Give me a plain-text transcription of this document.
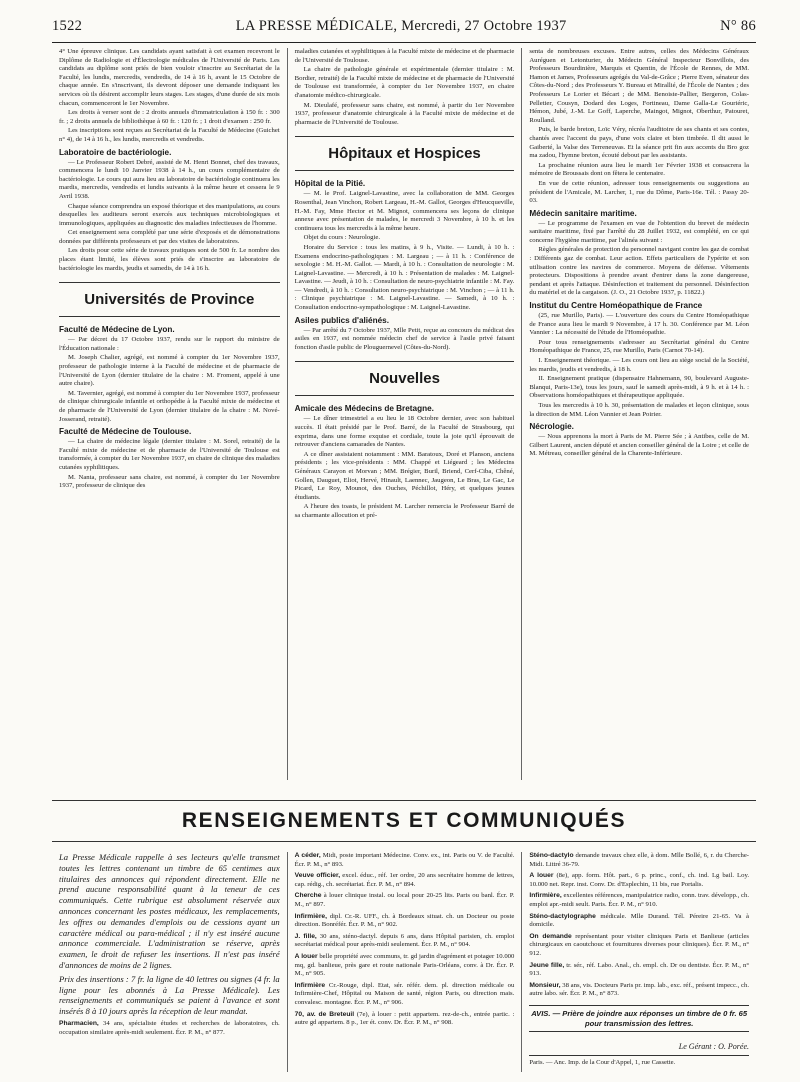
1522	LA PRESSE MÉDICALE, Mercredi, 27 Octobre 1937	N° 86

4° Une épreuve clinique. Les candidats ayant satisfait à cet examen recevront le Diplôme de Radiologie et d'Électrologie médicales de l'Université de Paris. Les candidats au diplôme sont priés de bien vouloir s'inscrire au Secrétariat de la Faculté, les lundis, mercredis, vendredis, de 14 à 16 h, avant le 15 Octobre de chaque année. En s'inscrivant, ils devront déposer une demande indiquant les services où ils désirent accomplir leurs stages. Les stages, d'une durée de six mois chacun, commenceront le 1er Novembre.

Les droits à verser sont de : 2 droits annuels d'immatriculation à 150 fr. : 300 fr. ; 2 droits annuels de bibliothèque à 60 fr. : 120 fr. ; 1 droit d'examen : 250 fr.

Les inscriptions sont reçues au Secrétariat de la Faculté de Médecine (Guichet n° 4), de 14 à 16 h., les lundis, mercredis et vendredis.

Laboratoire de bactériologie.

— Le Professeur Robert Debré, assisté de M. Henri Bonnet, chef des travaux, commencera le lundi 10 Janvier 1938 à 14 h., un cours complémentaire de bactériologie. Le cours qui aura lieu au laboratoire de bactériologie continuera les mardis, mercredis, vendredis et lundis suivants à la même heure et cessera le 9 Avril 1938.

Chaque séance comprendra un exposé théorique et des manipulations, au cours desquelles les auditeurs seront exercés aux techniques microbiologiques et immunologiques, appliquées au diagnostic des maladies infectieuses de l'homme.

Cet enseignement sera complété par une série d'exposés et de démonstrations données par différents professeurs et par des visites de laboratoires.

Les droits pour cette série de travaux pratiques sont de 500 fr. Le nombre des places étant limité, les élèves sont priés de s'inscrire au laboratoire de bactériologie les mardis, jeudis et samedis, de 14 à 16 h.

Universités de Province
Faculté de Médecine de Lyon.

— Par décret du 17 Octobre 1937, rendu sur le rapport du ministre de l'Éducation nationale :

M. Joseph Chalier, agrégé, est nommé à compter du 1er Novembre 1937, professeur de pathologie interne à la Faculté de médecine et de pharmacie de l'Université de Lyon (dernier titulaire de la chaire : M. Froment, appelé à une autre chaire).

M. Tavernier, agrégé, est nommé à compter du 1er Novembre 1937, professeur de clinique chirurgicale infantile et orthopédie à la Faculté mixte de médecine et de pharmacie de l'Université de Lyon (dernier titulaire de la chaire : M. Nové-Josserand, retraité).

Faculté de Médecine de Toulouse.

— La chaire de médecine légale (dernier titulaire : M. Sorel, retraité) de la Faculté mixte de médecine et de pharmacie de l'Université de Toulouse est transformée, à compter du 1er Novembre 1937, en chaire de clinique des maladies cutanées syphilitiques.

M. Nanta, professeur sans chaire, est nommé, à compter du 1er Novembre 1937, professeur de clinique des

maladies cutanées et syphilitiques à la Faculté mixte de médecine et de pharmacie de l'Université de Toulouse.

La chaire de pathologie générale et expérimentale (dernier titulaire : M. Bordier, retraité) de la Faculté mixte de médecine et de pharmacie de l'Université de Toulouse est transformée, à compter du 1er Novembre 1937, en chaire d'anatomie médico-chirurgicale.

M. Dieulafé, professeur sans chaire, est nommé, à partir du 1er Novembre 1937, professeur d'anatomie chirurgicale à la Faculté mixte de médecine et de pharmacie de l'Université de Toulouse.

Hôpitaux et Hospices
Hôpital de la Pitié.

— M. le Prof. Laignel-Lavastine, avec la collaboration de MM. Georges Rosenthal, Jean Vinchon, Robert Largeau, H.-M. Gallot, Georges d'Heucqueville, H.-M. Fay, Mme Hector et M. Mignot, commencera ses leçons de clinique annexe avec présentation de malades, le mercredi 3 Novembre, à 10 h. et les continuera tous les mercredis à la même heure.

Objet du cours : Neurologie.

Horaire du Service : tous les matins, à 9 h., Visite. — Lundi, à 10 h. : Examens endocrino-pathologiques : M. Largeau ; — à 11 h. : Conférence de sexologie : M. H.-M. Gallot. — Mardi, à 10 h. : Consultation de neurologie : M. Laignel-Lavastine. — Mercredi, à 10 h. : Présentation de malades : M. Laignel-Lavastine. — Jeudi, à 10 h. : Consultation de neuro-psychiatrie infantile : M. Fay. — Vendredi, à 10 h. : Consultation neuro-psychiatrique : M. Vinchon ; — à 11 h. : Clinique psychiatrique : M. Laignel-Lavastine. — Samedi, à 10 h. : Consultation endocrino-sympathologique : M. Laignel-Lavastine.

Asiles publics d'aliénés.

— Par arrêté du 7 Octobre 1937, Mlle Petit, reçue au concours du médicat des asiles en 1937, est nommée médecin chef de service à l'asile privé faisant fonction d'asile public de Plouguernevel (Côtes-du-Nord).

Nouvelles
Amicale des Médecins de Bretagne.

— Le dîner trimestriel a eu lieu le 18 Octobre dernier, avec son habituel succès. Il était présidé par le Prof. Barré, de la Faculté de Strasbourg, qui exprima, dans une forme exquise et cordiale, toute la joie qu'il éprouvait de retrouver d'anciens camarades de Nantes.

A ce dîner assistaient notamment : MM. Baratoux, Doré et Planson, anciens présidents ; les vice-présidents : MM. Chappé et Liégeard ; les Médecins Généraux Carayon et Morvan ; MM. Brégier, Buril, Briend, Cerf-Ciba, Chêné, Gollen, Dauguet, Eliot, Hervé, Hinault, Laennec, Jaugeon, Le Bras, Le Gac, Le Picard, Le Roy, Mounot, des Ouches, Péchillot, Héry, et quelques jeunes étudiants.

A l'heure des toasts, le président M. Larcher remercia le Professeur Barré de sa charmante allocution et pré-

senta de nombreuses excuses. Entre autres, celles des Médecins Généraux Auréguen et Letonturier, du Médecin Général Inspecteur Bonvillois, des Professeurs Bourdinière, Marquis et Quentin, de l'École de Rennes, de MM. Hamon et James, Professeurs agrégés du Val-de-Grâce ; Pierre Even, sénateur des Côtes-du-Nord ; des Professeurs Y. Bureau et Mirallié, de l'École de Nantes ; des Professeurs Le Lorier et Bécart ; de MM. Benoiste-Pallier, Bergeron, Colas-Pelletier, Cousyn, Dodard des Loges, Fortineau, Dame Galla-Le Gouriéric, Hémon, Jubé, J.-M. Le Goff, Laperche, Maingot, Mignot, Oberthur, Patouret, Roulland.

Puis, le barde breton, Loïc Véry, récréa l'auditoire de ses chants et ses contes, chantés avec l'accent du pays, d'une voix claire et bien timbrée. Il dit aussi le Gaiberté, la Valse des Terreneuvas. Et la séance prit fin aux accents du Bro goz ma zadou, l'hymne breton, écouté debout par les assistants.

La prochaine réunion aura lieu le mardi 1er Février 1938 et consacrera la mémoire de Broussais dont on fêtera le centenaire.

En vue de cette réunion, adresser tous renseignements ou suggestions au président de l'Amicale, M. Larcher, 1, rue du Dôme, Paris-16e. Tél. : Passy 20-03.

Médecin sanitaire maritime.

— Le programme de l'examen en vue de l'obtention du brevet de médecin sanitaire maritime, fixé par l'arrêté du 28 Juillet 1932, est complété, en ce qui concerne l'hygiène maritime, par l'alinéa suivant :

Règles générales de protection du personnel navigant contre les gaz de combat : Différents gaz de combat. Leur action. Effets particuliers de l'ypérite et son utilisation contre les navires de commerce. Moyens de défense. Vêtements protecteurs. Dispositions à prendre avant d'entrer dans la zone dangereuse, pendant et après l'attaque. Désinfection et traitement du personnel. Désinfection du matériel et de la cargaison. (J. O., 21 Octobre 1937, p. 11822.)

Institut du Centre Homéopathique de France

(25, rue Murillo, Paris). — L'ouverture des cours du Centre Homéopathique de France aura lieu le mardi 9 Novembre, à 17 h. 30. Conférence par M. Léon Vannier : La nécessité de l'étude de l'Homéopathie.

Pour tous renseignements s'adresser au Secrétariat général du Centre Homéopathique de France, 25, rue Murillo, Paris (Carnot 70-14).

I. Enseignement théorique. — Les cours ont lieu au siège social de la Société, les mardis, jeudis et vendredis, à 18 h.

II. Enseignement pratique (dispensaire Hahnemann, 90, boulevard Auguste-Blanqui, Paris-13e), tous les jours, sauf le samedi après-midi, à 9 h. et à 14 h. : Observations homéopathiques et thérapeutique appliquée.

Tous les mercredis à 10 h. 30, présentation de malades et leçon clinique, sous la direction de MM. Léon Vannier et Jean Poirier.

Nécrologie.

— Nous apprenons la mort à Paris de M. Pierre Sée ; à Antibes, celle de M. Gilbert Laurent, ancien député et ancien conseiller général de la Loire ; et celle de M. Métreau, conseiller général de la Charente-Inférieure.

RENSEIGNEMENTS ET COMMUNIQUÉS

La Presse Médicale rappelle à ses lecteurs qu'elle transmet toutes les lettres contenant un timbre de 65 centimes aux titulaires des annonces qui répondent directement. Elle ne prend aucune responsabilité quant à la teneur de ces communiqués. Cette rubrique est absolument réservée aux annonces concernant les postes médicaux, les remplacements, les offres ou demandes d'emplois ou de cessions ayant un caractère médical ou para-médical ; il n'y est inséré aucune annonce commerciale. L'administration se réserve, après examen, le droit de refuser les insertions. Il n'est pas inséré d'annonces de moins de 2 lignes.

Prix des insertions : 7 fr. la ligne de 40 lettres ou signes (4 fr. la ligne pour les abonnés à La Presse Médicale). Les renseignements et communiqués se paient à l'avance et sont insérés 8 à 10 jours après la réception de leur mandat.

Pharmacien, 34 ans, spécialiste études et recherches de laboratoires, ch. occupation similaire après-midi seulement. Écr. P. M., n° 877.

A céder, Midi, poste important Médecine. Conv. ex., int. Paris ou V. de Faculté. Écr. P. M., n° 893.

Veuve officier, excel. éduc., réf. 1er ordre, 20 ans secrétaire homme de lettres, cap. rédig., ch. secrétariat. Écr. P. M., n° 894.

Cherche à louer clinique instal. ou local pour 20-25 lits. Paris ou banl. Écr. P. M., n° 897.

Infirmière, dipl. Cr.-R. UFF., ch. à Bordeaux situat. ch. un Docteur ou poste direction. Bonréfér. Écr. P. M., n° 902.

J. fille, 30 ans, sténo-dactyl. depuis 6 ans, dans Hôpital parisien, ch. emploi secrétariat médical pour après-midi seulement. Écr. P. M., n° 904.

A louer belle propriété avec communs, tr. gd jardin d'agrément et potager 10.000 mq, gd. banlieue, près gare et route nationale Paris-Orléans, conv. à Dr. Écr. P. M., n° 905.

Infirmière Cr.-Rouge, dipl. Etat, sér. référ. dem. pl. direction médicale ou Infirmière-Chef, Hôpital ou Maison de santé, région Paris, ou direction mais. convalesc. montagne. Écr. P. M., n° 906.

70, av. de Breteuil (7e), à louer : petit appartem. rez-de-ch., entrée partic. : autre gd appartem. 8 p., 1er ét. conv. Dr. Écr. P. M., n° 908.

Sténo-dactylo demande travaux chez elle, à dom. Mlle Bollé, 6, r. du Cherche-Midi. Littré 36-79.

A louer (8e), app. form. Hôt. part., 6 p. princ., conf., ch. ind. Lg bail. Loy. 10.000 net. Repr. inst. Conv. Dr. d'Esplechin, 11 bis, rue Portalis.

Infirmière, excellentes références, manipulatrice radio, conn. trav. développ., ch. emploi apr.-midi seult. Paris. Écr. P. M., n° 910.

Sténo-dactylographe médicale. Mlle Durand. Tél. Péreire 21-65. Va à domicile.

On demande représentant pour visiter cliniques Paris et Banlieue (articles chirurgicaux en caoutchouc et fournitures diverses pour cliniques). Écr. P. M., n° 912.

Jeune fille, tr. sér., réf. Labo. Anal., ch. empl. ch. Dr ou dentiste. Écr. P. M., n° 913.

Monsieur, 38 ans, vis. Docteurs Paris pr. imp. lab., exc. réf., présent impecc., ch. autre labo. sér. Écr. P. M., n° 873.

AVIS. — Prière de joindre aux réponses un timbre de 0 fr. 65 pour transmission des lettres.
Le Gérant : O. Porée.
Paris. — Anc. Imp. de la Cour d'Appel, 1, rue Cassette.
